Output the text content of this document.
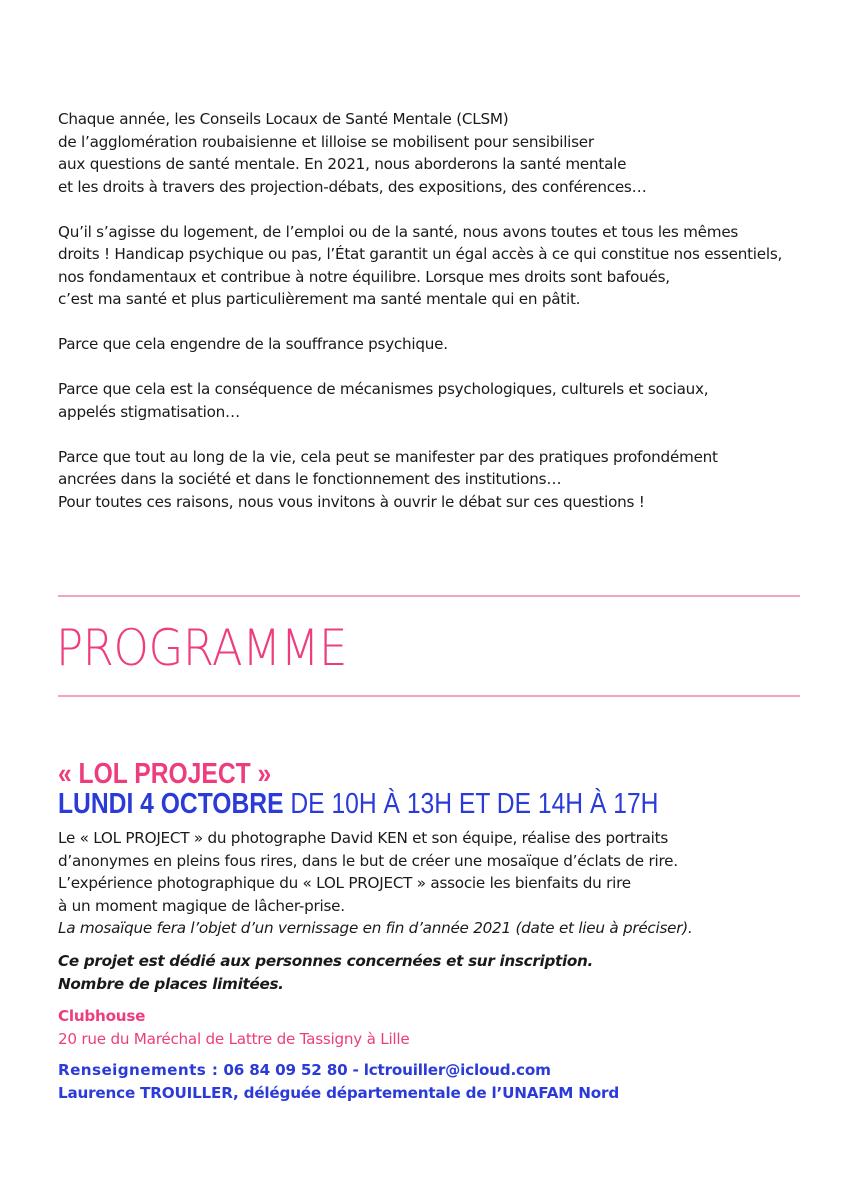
Chaque année, les Conseils Locaux de Santé Mentale (CLSM)
de l’agglomération roubaisienne et lilloise se mobilisent pour sensibiliser
aux questions de santé mentale. En 2021, nous aborderons la santé mentale
et les droits à travers des projection-débats, des expositions, des conférences…

Qu’il s’agisse du logement, de l’emploi ou de la santé, nous avons toutes et tous les mêmes
droits ! Handicap psychique ou pas, l’État garantit un égal accès à ce qui constitue nos essentiels,
nos fondamentaux et contribue à notre équilibre. Lorsque mes droits sont bafoués,
c’est ma santé et plus particulièrement ma santé mentale qui en pâtit.

Parce que cela engendre de la souffrance psychique.

Parce que cela est la conséquence de mécanismes psychologiques, culturels et sociaux,
appelés stigmatisation…

Parce que tout au long de la vie, cela peut se manifester par des pratiques profondément
ancrées dans la société et dans le fonctionnement des institutions…
Pour toutes ces raisons, nous vous invitons à ouvrir le débat sur ces questions !

PROGRAMME
« LOL PROJECT »
LUNDI 4 OCTOBRE DE 10H À 13H ET DE 14H À 17H
Le « LOL PROJECT » du photographe David KEN et son équipe, réalise des portraits
d’anonymes en pleins fous rires, dans le but de créer une mosaïque d’éclats de rire.
L’expérience photographique du « LOL PROJECT » associe les bienfaits du rire
à un moment magique de lâcher-prise.
La mosaïque fera l’objet d’un vernissage en fin d’année 2021 (date et lieu à préciser).
Ce projet est dédié aux personnes concernées et sur inscription.
Nombre de places limitées.
Clubhouse
20 rue du Maréchal de Lattre de Tassigny à Lille
Renseignements : 06 84 09 52 80 - lctrouiller@icloud.com
Laurence TROUILLER, déléguée départementale de l’UNAFAM Nord
